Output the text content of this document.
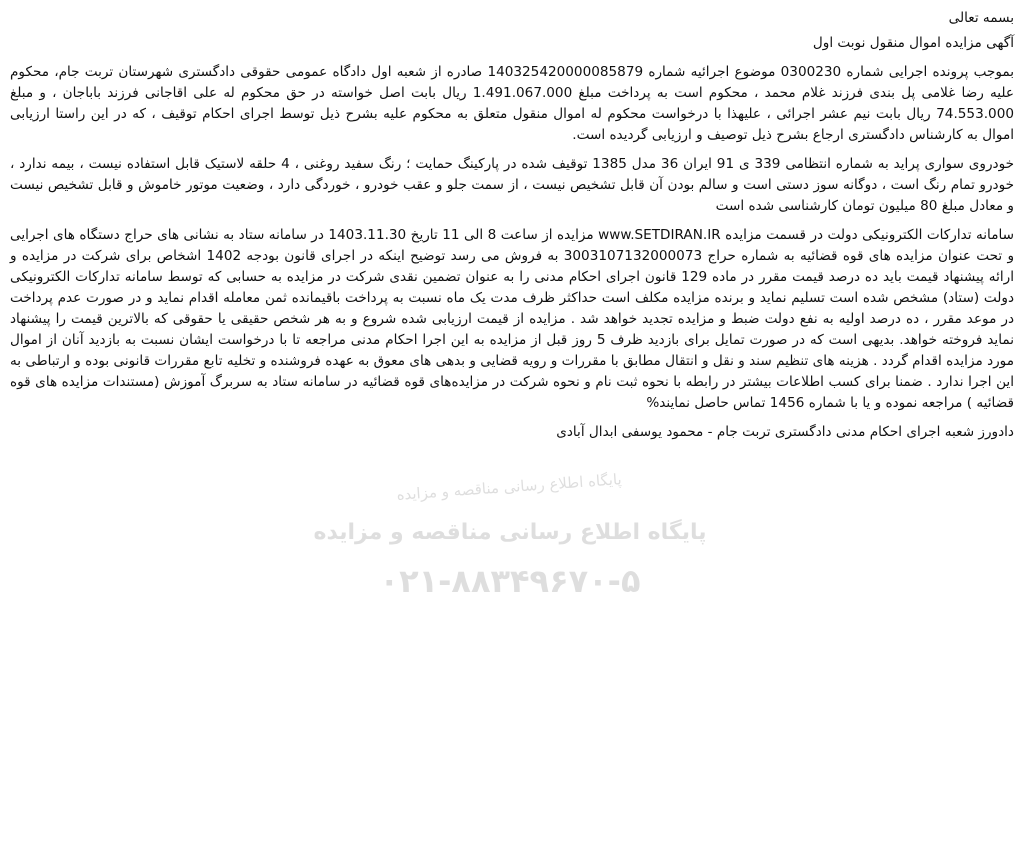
بسمه تعالی
آگهی مزایده اموال منقول نوبت اول
بموجب پرونده اجرایی شماره 0300230 موضوع اجرائیه شماره 140325420000085879 صادره از شعبه اول دادگاه عمومی حقوقی دادگستری شهرستان تربت جام، محکوم علیه رضا غلامی پل بندی فرزند غلام محمد ، محکوم است به پرداخت مبلغ 1.491.067.000 ریال بابت اصل خواسته در حق محکوم له علی اقاجانی فرزند باباجان ، و مبلغ 74.553.000 ریال بابت نیم عشر اجرائی ، علیهذا با درخواست محکوم له اموال منقول متعلق به محکوم علیه بشرح ذیل توسط اجرای احکام توقیف ، که در این راستا ارزیابی اموال به کارشناس دادگستری ارجاع بشرح ذیل توصیف و ارزیابی گردیده است.
خودروی سواری پراید به شماره انتظامی 339 ی 91 ایران 36 مدل 1385 توقیف شده در پارکینگ حمایت ؛ رنگ سفید روغنی ، 4 حلقه لاستیک قابل استفاده نیست ، بیمه ندارد ، خودرو تمام رنگ است ، دوگانه سوز دستی است و سالم بودن آن قابل تشخیص نیست ، از سمت جلو و عقب خودرو ، خوردگی دارد ، وضعیت موتور خاموش و قابل تشخیص نیست و معادل مبلغ 80 میلیون تومان کارشناسی شده است
سامانه تدارکات الکترونیکی دولت در قسمت مزایده www.SETDIRAN.IR مزایده از ساعت 8 الی 11 تاریخ 1403.11.30 در سامانه ستاد به نشانی های حراج دستگاه های اجرایی و تحت عنوان مزایده های قوه قضائیه به شماره حراج 3003107132000073 به فروش می رسد توضیح اینکه در اجرای قانون بودجه 1402 اشخاص برای شرکت در مزایده و ارائه پیشنهاد قیمت باید ده درصد قیمت مقرر در ماده 129 قانون اجرای احکام مدنی را به عنوان تضمین نقدی شرکت در مزایده به حسابی که توسط سامانه تدارکات الکترونیکی دولت (ستاد) مشخص شده است تسلیم نماید و برنده مزایده مکلف است حداکثر ظرف مدت یک ماه نسبت به پرداخت باقیمانده ثمن معامله اقدام نماید و در صورت عدم پرداخت در موعد مقرر ، ده درصد اولیه به نفع دولت ضبط و مزایده تجدید خواهد شد . مزایده از قیمت ارزیابی شده شروع و به هر شخص حقیقی یا حقوقی که بالاترین قیمت را پیشنهاد نماید فروخته خواهد. بدیهی است که در صورت تمایل برای بازدید ظرف 5 روز قبل از مزایده به این اجرا احکام مدنی مراجعه تا با درخواست ایشان نسبت به بازدید آنان از اموال مورد مزایده اقدام گردد . هزینه های تنظیم سند و نقل و انتقال مطابق با مقررات و رویه قضایی و بدهی های معوق به عهده فروشنده و تخلیه تابع مقررات قانونی بوده و ارتباطی به این اجرا ندارد . ضمنا برای کسب اطلاعات بیشتر در رابطه با نحوه ثبت نام و نحوه شرکت در مزایده‌های قوه قضائیه در سامانه ستاد به سربرگ آموزش (مستندات مزایده های قوه قضائیه ) مراجعه نموده و یا با شماره 1456 تماس حاصل نمایند%
دادورز شعبه اجرای احکام مدنی دادگستری تربت جام - محمود یوسفی ابدال آبادی
پایگاه اطلاع رسانی مناقصه و مزایده
پایگاه اطلاع رسانی مناقصه و مزایده
۰۲۱-۸۸۳۴۹۶۷۰-۵
